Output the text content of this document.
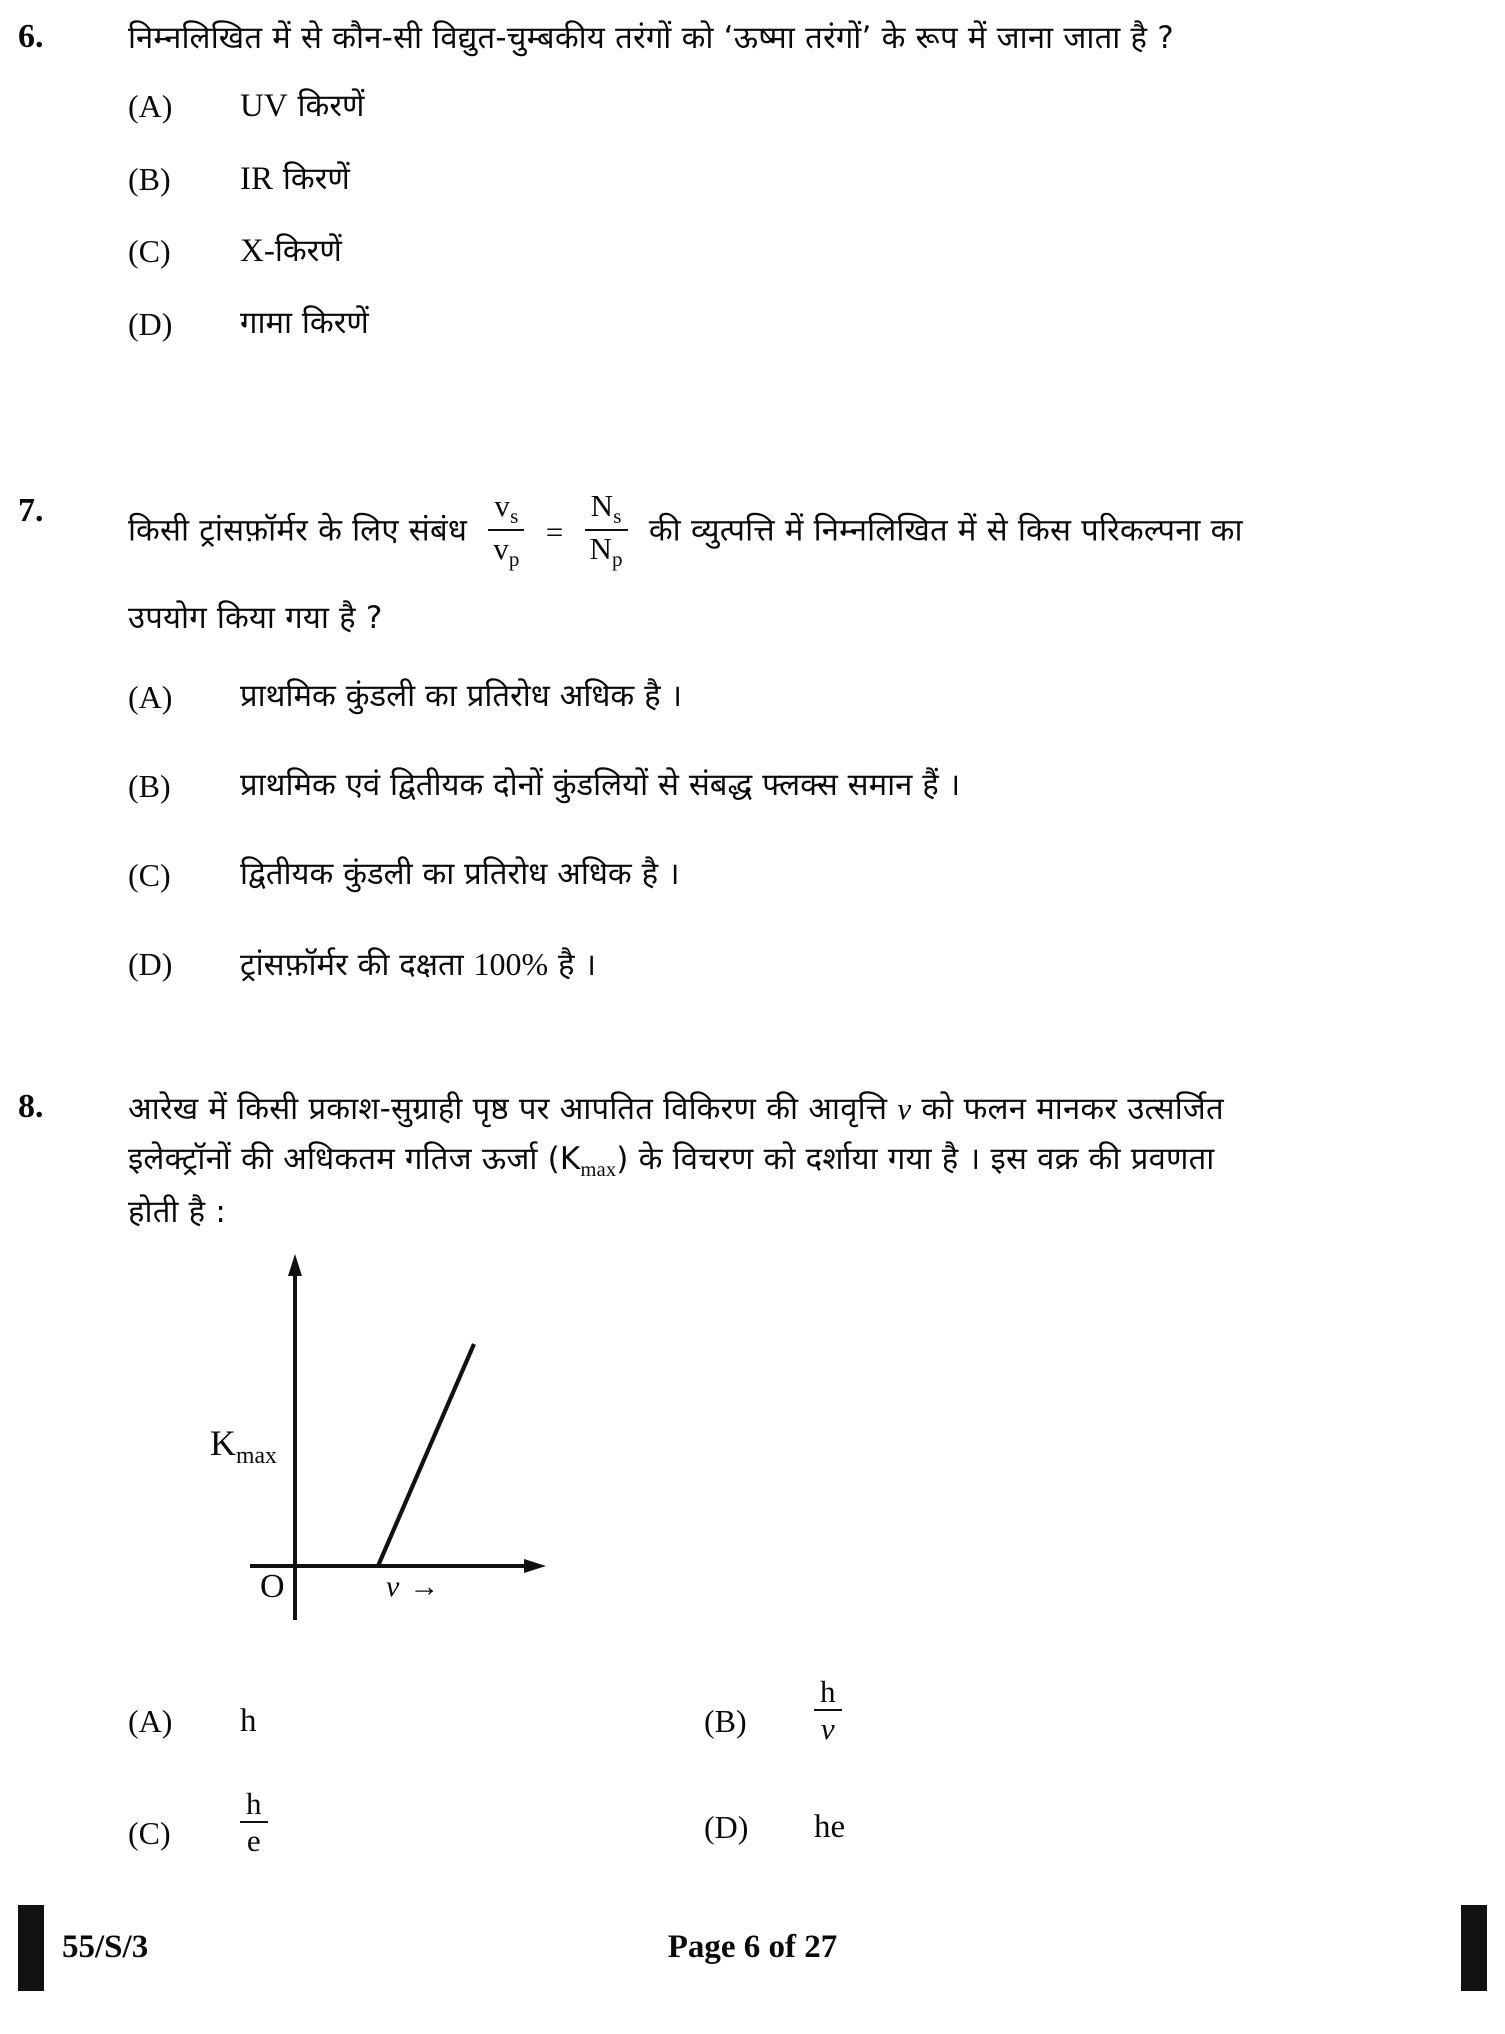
6.	निम्नलिखित में से कौन-सी विद्युत-चुम्बकीय तरंगों को ‘ऊष्मा तरंगों’ के रूप में जाना जाता है ?
(A)	UV किरणें
(B)	IR किरणें
(C)	X-किरणें
(D)	गामा किरणें
7.
किसी ट्रांसफ़ॉर्मर के लिए संबंध $\frac{v_s}{v_p} = \frac{N_s}{N_p}$ की व्युत्पत्ति में निम्नलिखित में से किस परिकल्पना का
उपयोग किया गया है ?
(A)	प्राथमिक कुंडली का प्रतिरोध अधिक है ।
(B)	प्राथमिक एवं द्वितीयक दोनों कुंडलियों से संबद्ध फ्लक्स समान हैं ।
(C)	द्वितीयक कुंडली का प्रतिरोध अधिक है ।
(D)	ट्रांसफ़ॉर्मर की दक्षता 100% है ।
8.	आरेख में किसी प्रकाश-सुग्राही पृष्ठ पर आपतित विकिरण की आवृत्ति ν को फलन मानकर उत्सर्जित
इलेक्ट्रॉनों की अधिकतम गतिज ऊर्जा $(K_{max})$ के विचरण को दर्शाया गया है । इस वक्र की प्रवणता
होती है :
$K_{max}$
O	ν →
(A)	h	(B)	$\frac{h}{\nu}$
(C)	$\frac{h}{e}$	(D)	he
55/S/3	Page 6 of 27
